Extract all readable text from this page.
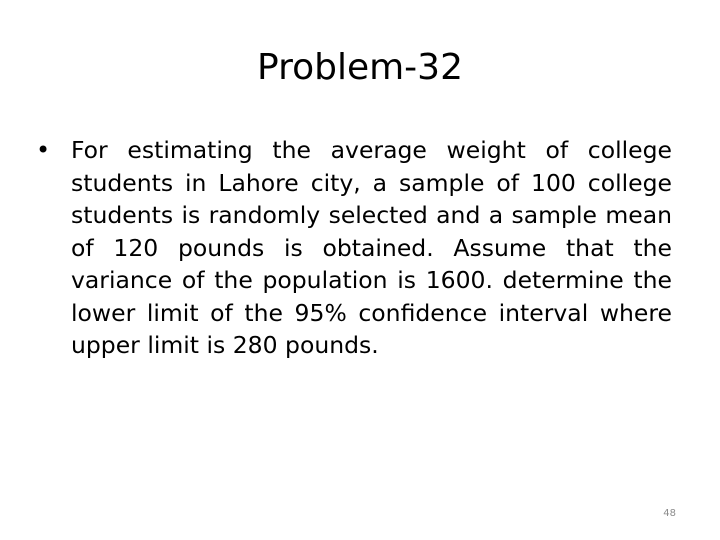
Problem-32
• For estimating the average weight of college students in Lahore city, a sample of 100 college students is randomly selected and a sample mean of 120 pounds is obtained. Assume that the variance of the population is 1600. determine the lower limit of the 95% confidence interval where upper limit is 280 pounds.
48
